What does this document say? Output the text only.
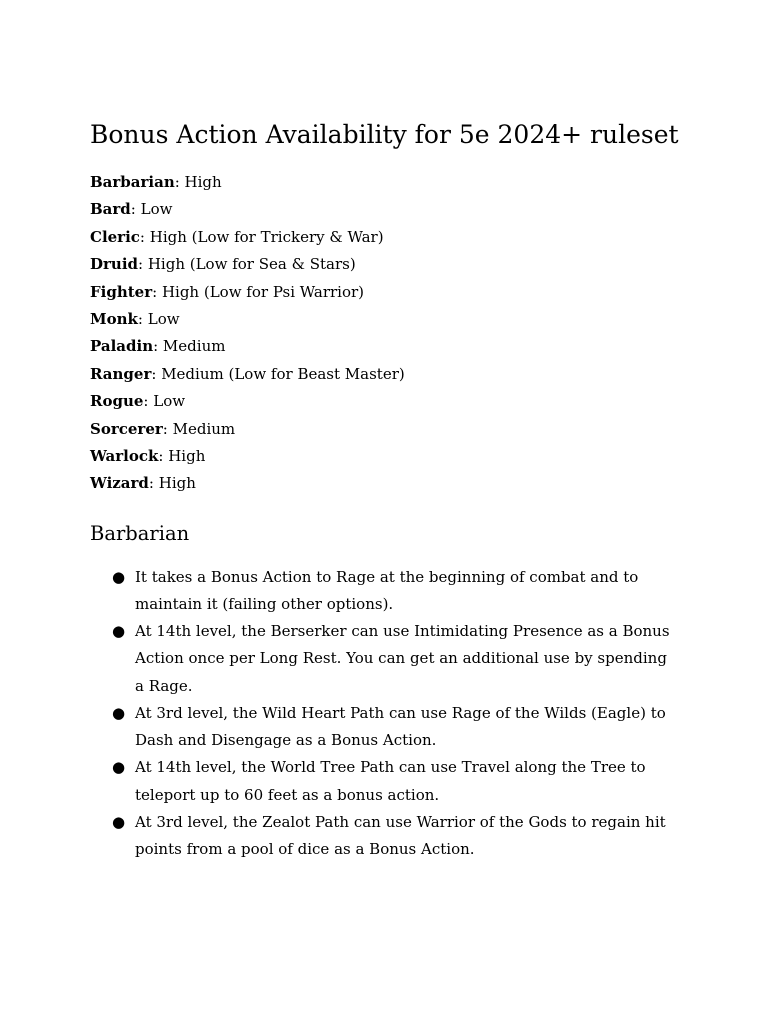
Bonus Action Availability for 5e 2024+ ruleset
Barbarian: High
Bard: Low
Cleric: High (Low for Trickery & War)
Druid: High (Low for Sea & Stars)
Fighter: High (Low for Psi Warrior)
Monk: Low
Paladin: Medium
Ranger: Medium (Low for Beast Master)
Rogue: Low
Sorcerer: Medium
Warlock: High
Wizard: High
Barbarian
● It takes a Bonus Action to Rage at the beginning of combat and to maintain it (failing other options).
● At 14th level, the Berserker can use Intimidating Presence as a Bonus Action once per Long Rest. You can get an additional use by spending a Rage.
● At 3rd level, the Wild Heart Path can use Rage of the Wilds (Eagle) to Dash and Disengage as a Bonus Action.
● At 14th level, the World Tree Path can use Travel along the Tree to teleport up to 60 feet as a bonus action.
● At 3rd level, the Zealot Path can use Warrior of the Gods to regain hit points from a pool of dice as a Bonus Action.
